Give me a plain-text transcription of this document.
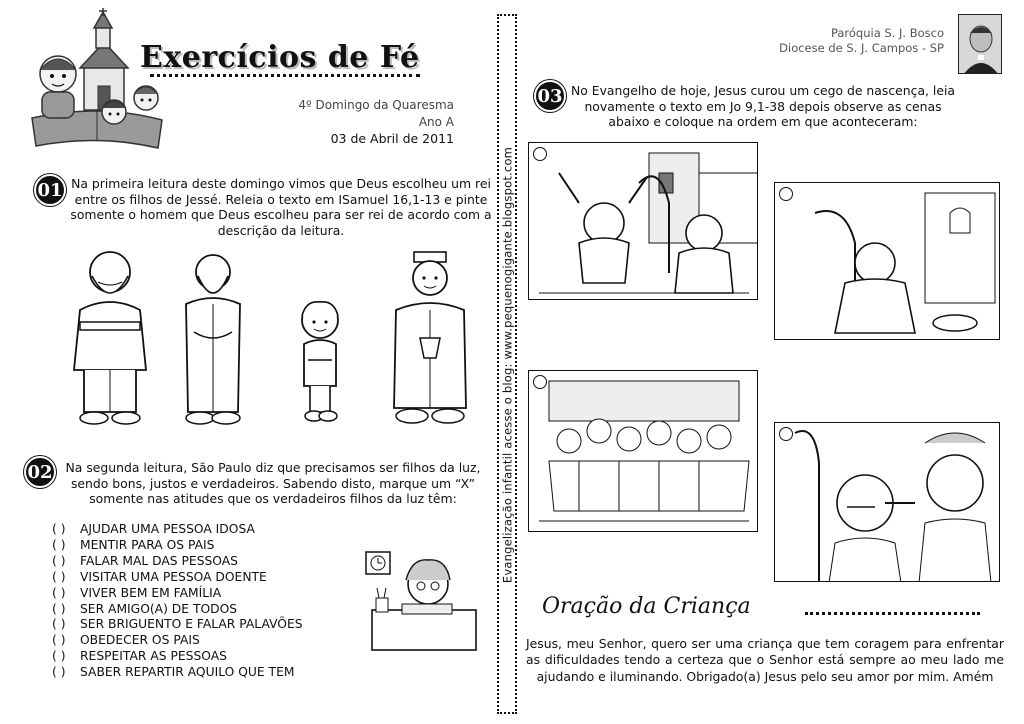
Exercícios de Fé
4º Domingo da Quaresma
Ano A
03 de Abril de 2011
01 Na primeira leitura deste domingo vimos que Deus escolheu um rei entre os filhos de Jessé. Releia o texto em ISamuel 16,1-13 e pinte somente o homem que Deus escolheu para ser rei de acordo com a descrição da leitura.
02	Na segunda leitura, São Paulo diz que precisamos ser filhos da luz, sendo bons, justos e verdadeiros. Sabendo disto, marque um “X” somente nas atitudes que os verdadeiros filhos da luz têm:
( )	AJUDAR UMA PESSOA IDOSA
( )	MENTIR PARA OS PAIS
( )	FALAR MAL DAS PESSOAS
( )	VISITAR UMA PESSOA DOENTE
( )	VIVER BEM EM FAMÍLIA
( )	SER AMIGO(A) DE TODOS
( )	SER BRIGUENTO E FALAR PALAVÕES
( )	OBEDECER OS PAIS
( )	RESPEITAR AS PESSOAS
( )	SABER REPARTIR AQUILO QUE TEM
Evangelização infantil acesse o blog: www.pequenogigante.blogspot.com
Paróquia S. J. Bosco
Diocese de S. J. Campos - SP
03 No Evangelho de hoje, Jesus curou um cego de nascença, leia novamente o texto em Jo 9,1-38 depois observe as cenas abaixo e coloque na ordem em que aconteceram:
Oração da Criança
Jesus, meu Senhor, quero ser uma criança que tem coragem para enfrentar as dificuldades tendo a certeza que o Senhor está sempre ao meu lado me ajudando e iluminando. Obrigado(a) Jesus pelo seu amor por mim. Amém
